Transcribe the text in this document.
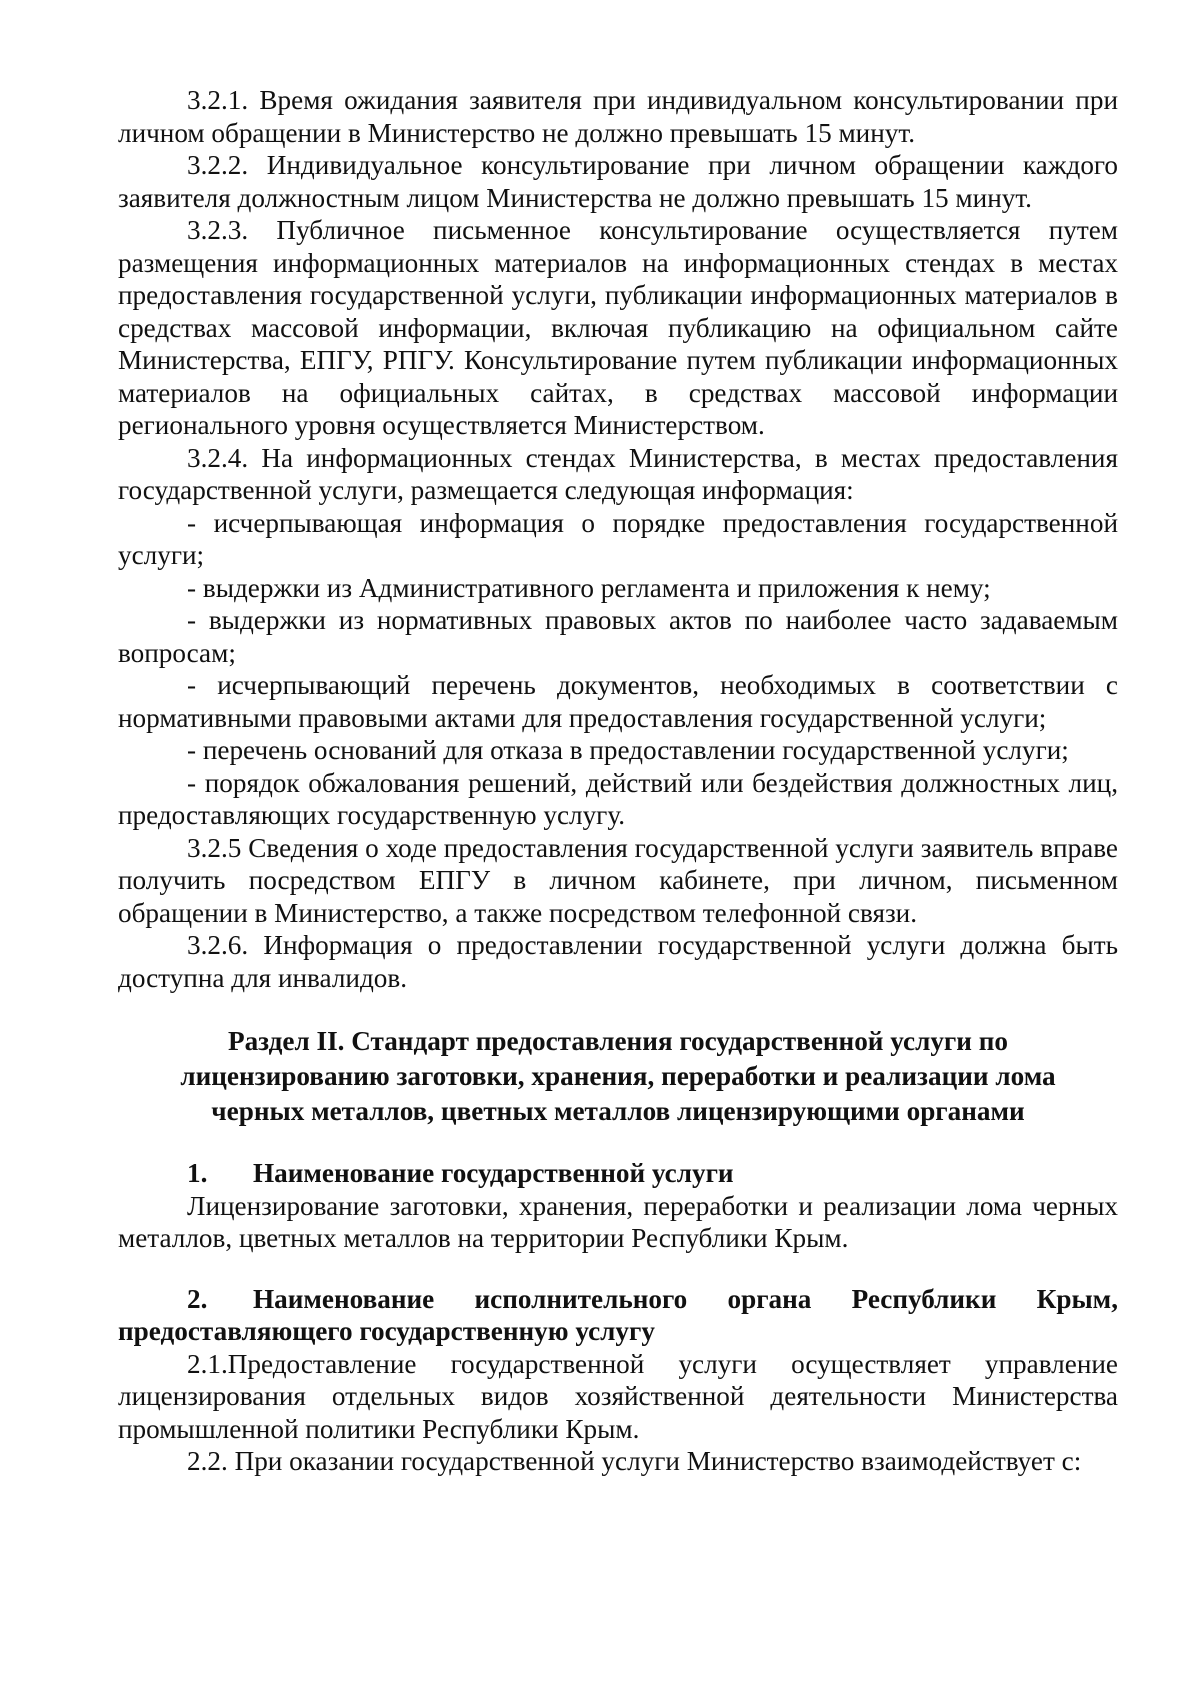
3.2.1. Время ожидания заявителя при индивидуальном консультировании при личном обращении в Министерство не должно превышать 15 минут.

3.2.2. Индивидуальное консультирование при личном обращении каждого заявителя должностным лицом Министерства не должно превышать 15 минут.

3.2.3. Публичное письменное консультирование осуществляется путем размещения информационных материалов на информационных стендах в местах предоставления государственной услуги, публикации информационных материалов в средствах массовой информации, включая публикацию на официальном сайте Министерства, ЕПГУ, РПГУ. Консультирование путем публикации информационных материалов на официальных сайтах, в средствах массовой информации регионального уровня осуществляется Министерством.

3.2.4. На информационных стендах Министерства, в местах предоставления государственной услуги, размещается следующая информация:

- исчерпывающая информация о порядке предоставления государственной услуги;

- выдержки из Административного регламента и приложения к нему;

- выдержки из нормативных правовых актов по наиболее часто задаваемым вопросам;

- исчерпывающий перечень документов, необходимых в соответствии с нормативными правовыми актами для предоставления государственной услуги;

- перечень оснований для отказа в предоставлении государственной услуги;

- порядок обжалования решений, действий или бездействия должностных лиц, предоставляющих государственную услугу.

3.2.5 Сведения о ходе предоставления государственной услуги заявитель вправе получить посредством ЕПГУ в личном кабинете, при личном, письменном обращении в Министерство, а также посредством телефонной связи.

3.2.6. Информация о предоставлении государственной услуги должна быть доступна для инвалидов.

Раздел II. Стандарт предоставления государственной услуги по
лицензированию заготовки, хранения, переработки и реализации лома
черных металлов, цветных металлов лицензирующими органами

1. Наименование государственной услуги

Лицензирование заготовки, хранения, переработки и реализации лома черных металлов, цветных металлов на территории Республики Крым.

2. Наименование исполнительного органа Республики Крым, предоставляющего государственную услугу

2.1.Предоставление государственной услуги осуществляет управление лицензирования отдельных видов хозяйственной деятельности Министерства промышленной политики Республики Крым.

2.2. При оказании государственной услуги Министерство взаимодействует с:
